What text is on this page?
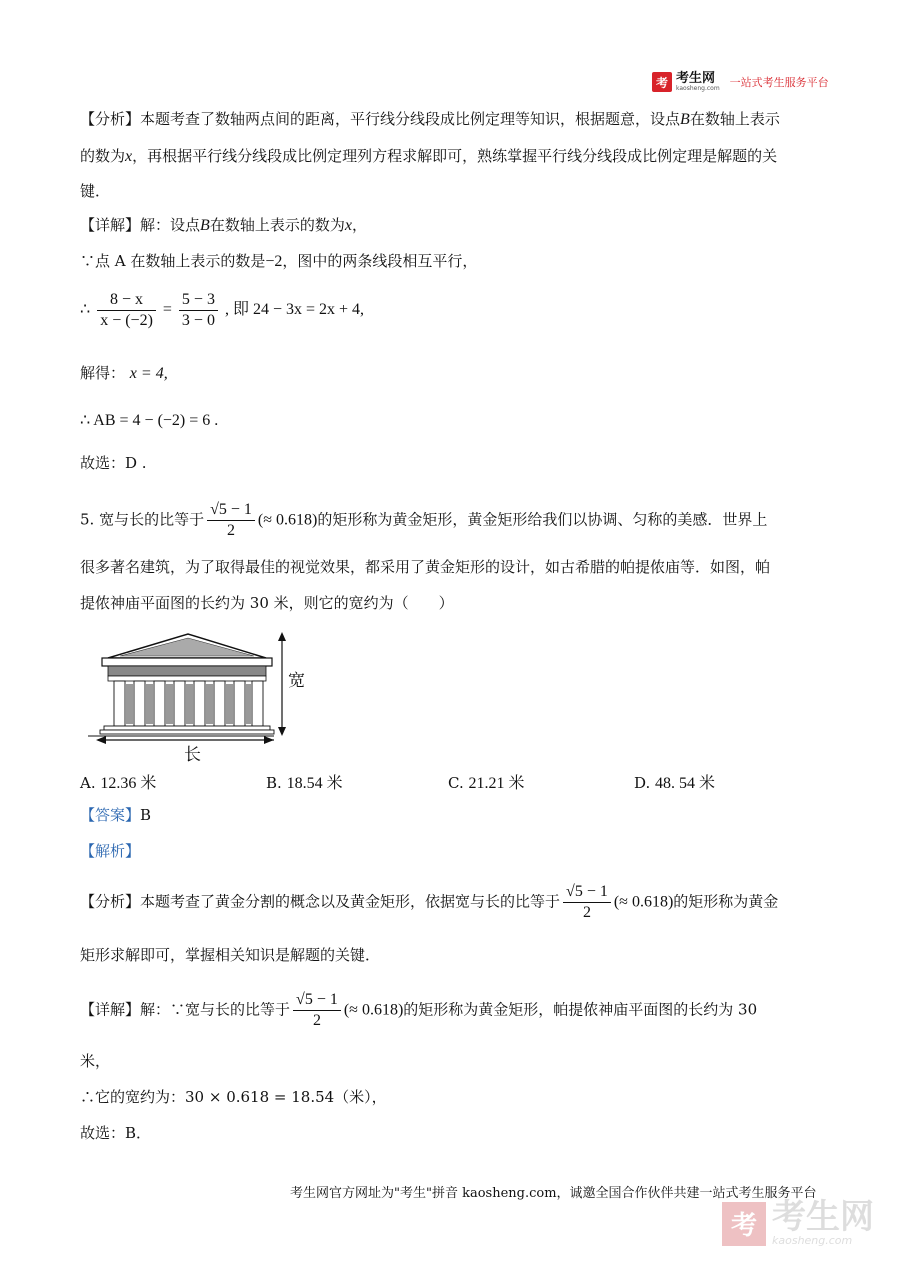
考 考生网
kaosheng.com 一站式考生服务平台
【分析】本题考查了数轴两点间的距离，平行线分线段成比例定理等知识，根据题意，设点B在数轴上表示
的数为x，再根据平行线分线段成比例定理列方程求解即可，熟练掌握平行线分线段成比例定理是解题的关
键．
【详解】解：设点B在数轴上表示的数为x，
∵点 A 在数轴上表示的数是−2，图中的两条线段相互平行，
∴ $\frac{8 - x}{x - (-2)} = \frac{5 - 3}{3 - 0}$ , 即 24 − 3x = 2x + 4,
解得： x = 4,
∴ AB = 4 − (−2) = 6 .
故选：D .
5. 宽与长的比等于 $\frac{√5 - 1}{2}$ (≈ 0.618)的矩形称为黄金矩形，黄金矩形给我们以协调、匀称的美感．世界上
很多著名建筑，为了取得最佳的视觉效果，都采用了黄金矩形的设计，如古希腊的帕提侬庙等．如图，帕
提侬神庙平面图的长约为 30 米，则它的宽约为（　　）
宽
长
A. 12.36 米	B. 18.54 米	C. 21.21 米	D. 48. 54 米
【答案】B
【解析】
【分析】本题考查了黄金分割的概念以及黄金矩形，依据宽与长的比等于 $\frac{√5 - 1}{2}$ (≈ 0.618)的矩形称为黄金
矩形求解即可，掌握相关知识是解题的关键．
【详解】解：∵宽与长的比等于 $\frac{√5 - 1}{2}$ (≈ 0.618)的矩形称为黄金矩形，帕提侬神庙平面图的长约为 30
米，
∴它的宽约为：30 × 0.618 = 18.54（米），
故选：B．
考生网官方网址为"考生"拼音 kaosheng.com，诚邀全国合作伙伴共建一站式考生服务平台
考 考生网
kaosheng.com
